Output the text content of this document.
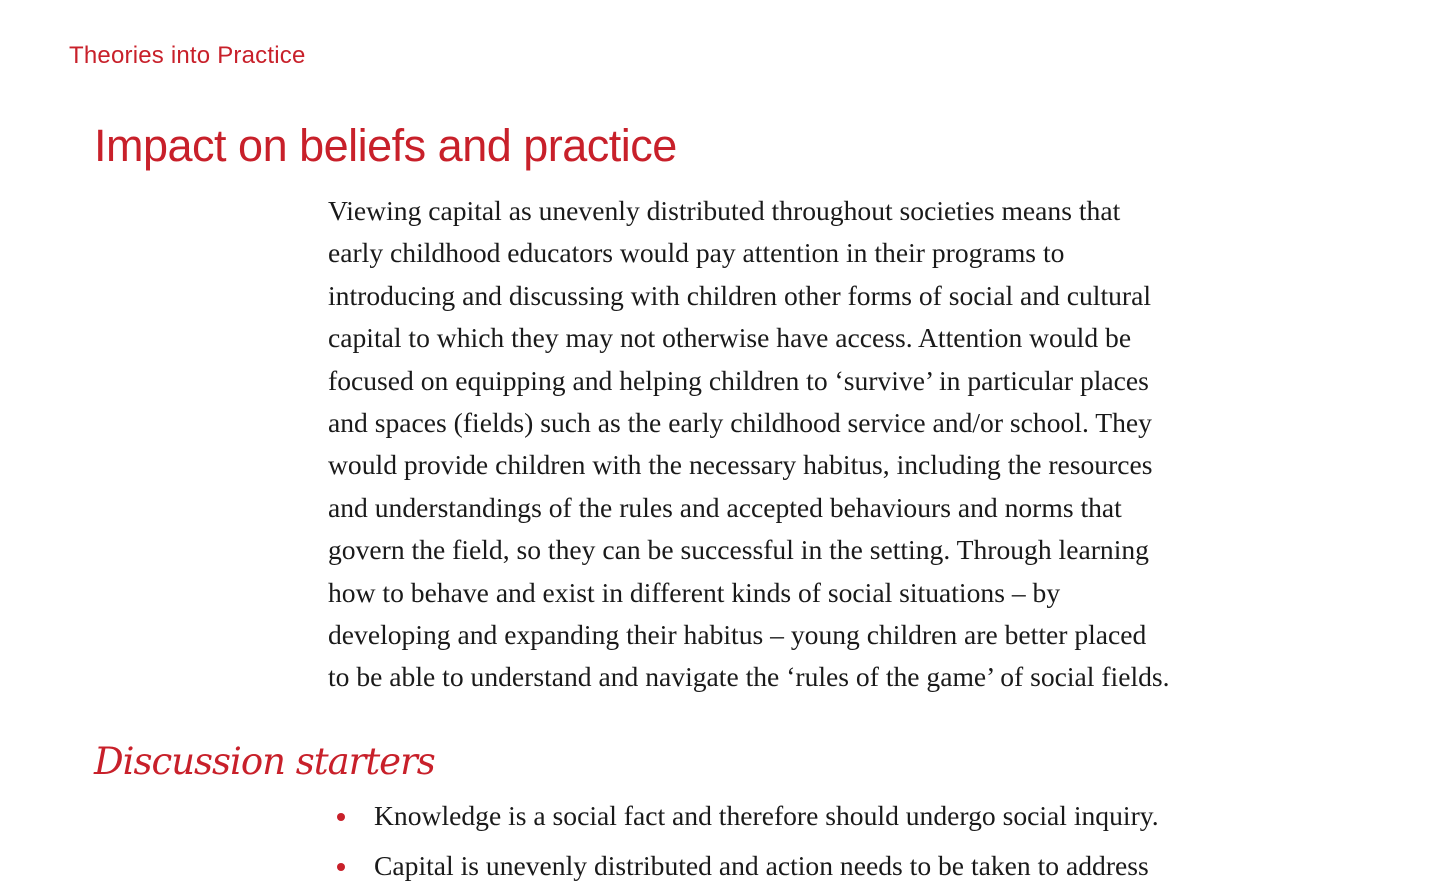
Theories into Practice
Impact on beliefs and practice
Viewing capital as unevenly distributed throughout societies means that
early childhood educators would pay attention in their programs to
introducing and discussing with children other forms of social and cultural
capital to which they may not otherwise have access. Attention would be
focused on equipping and helping children to ‘survive’ in particular places
and spaces (fields) such as the early childhood service and/or school. They
would provide children with the necessary habitus, including the resources
and understandings of the rules and accepted behaviours and norms that
govern the field, so they can be successful in the setting. Through learning
how to behave and exist in different kinds of social situations – by
developing and expanding their habitus – young children are better placed
to be able to understand and navigate the ‘rules of the game’ of social fields.
Discussion starters
Knowledge is a social fact and therefore should undergo social inquiry.
Capital is unevenly distributed and action needs to be taken to address
